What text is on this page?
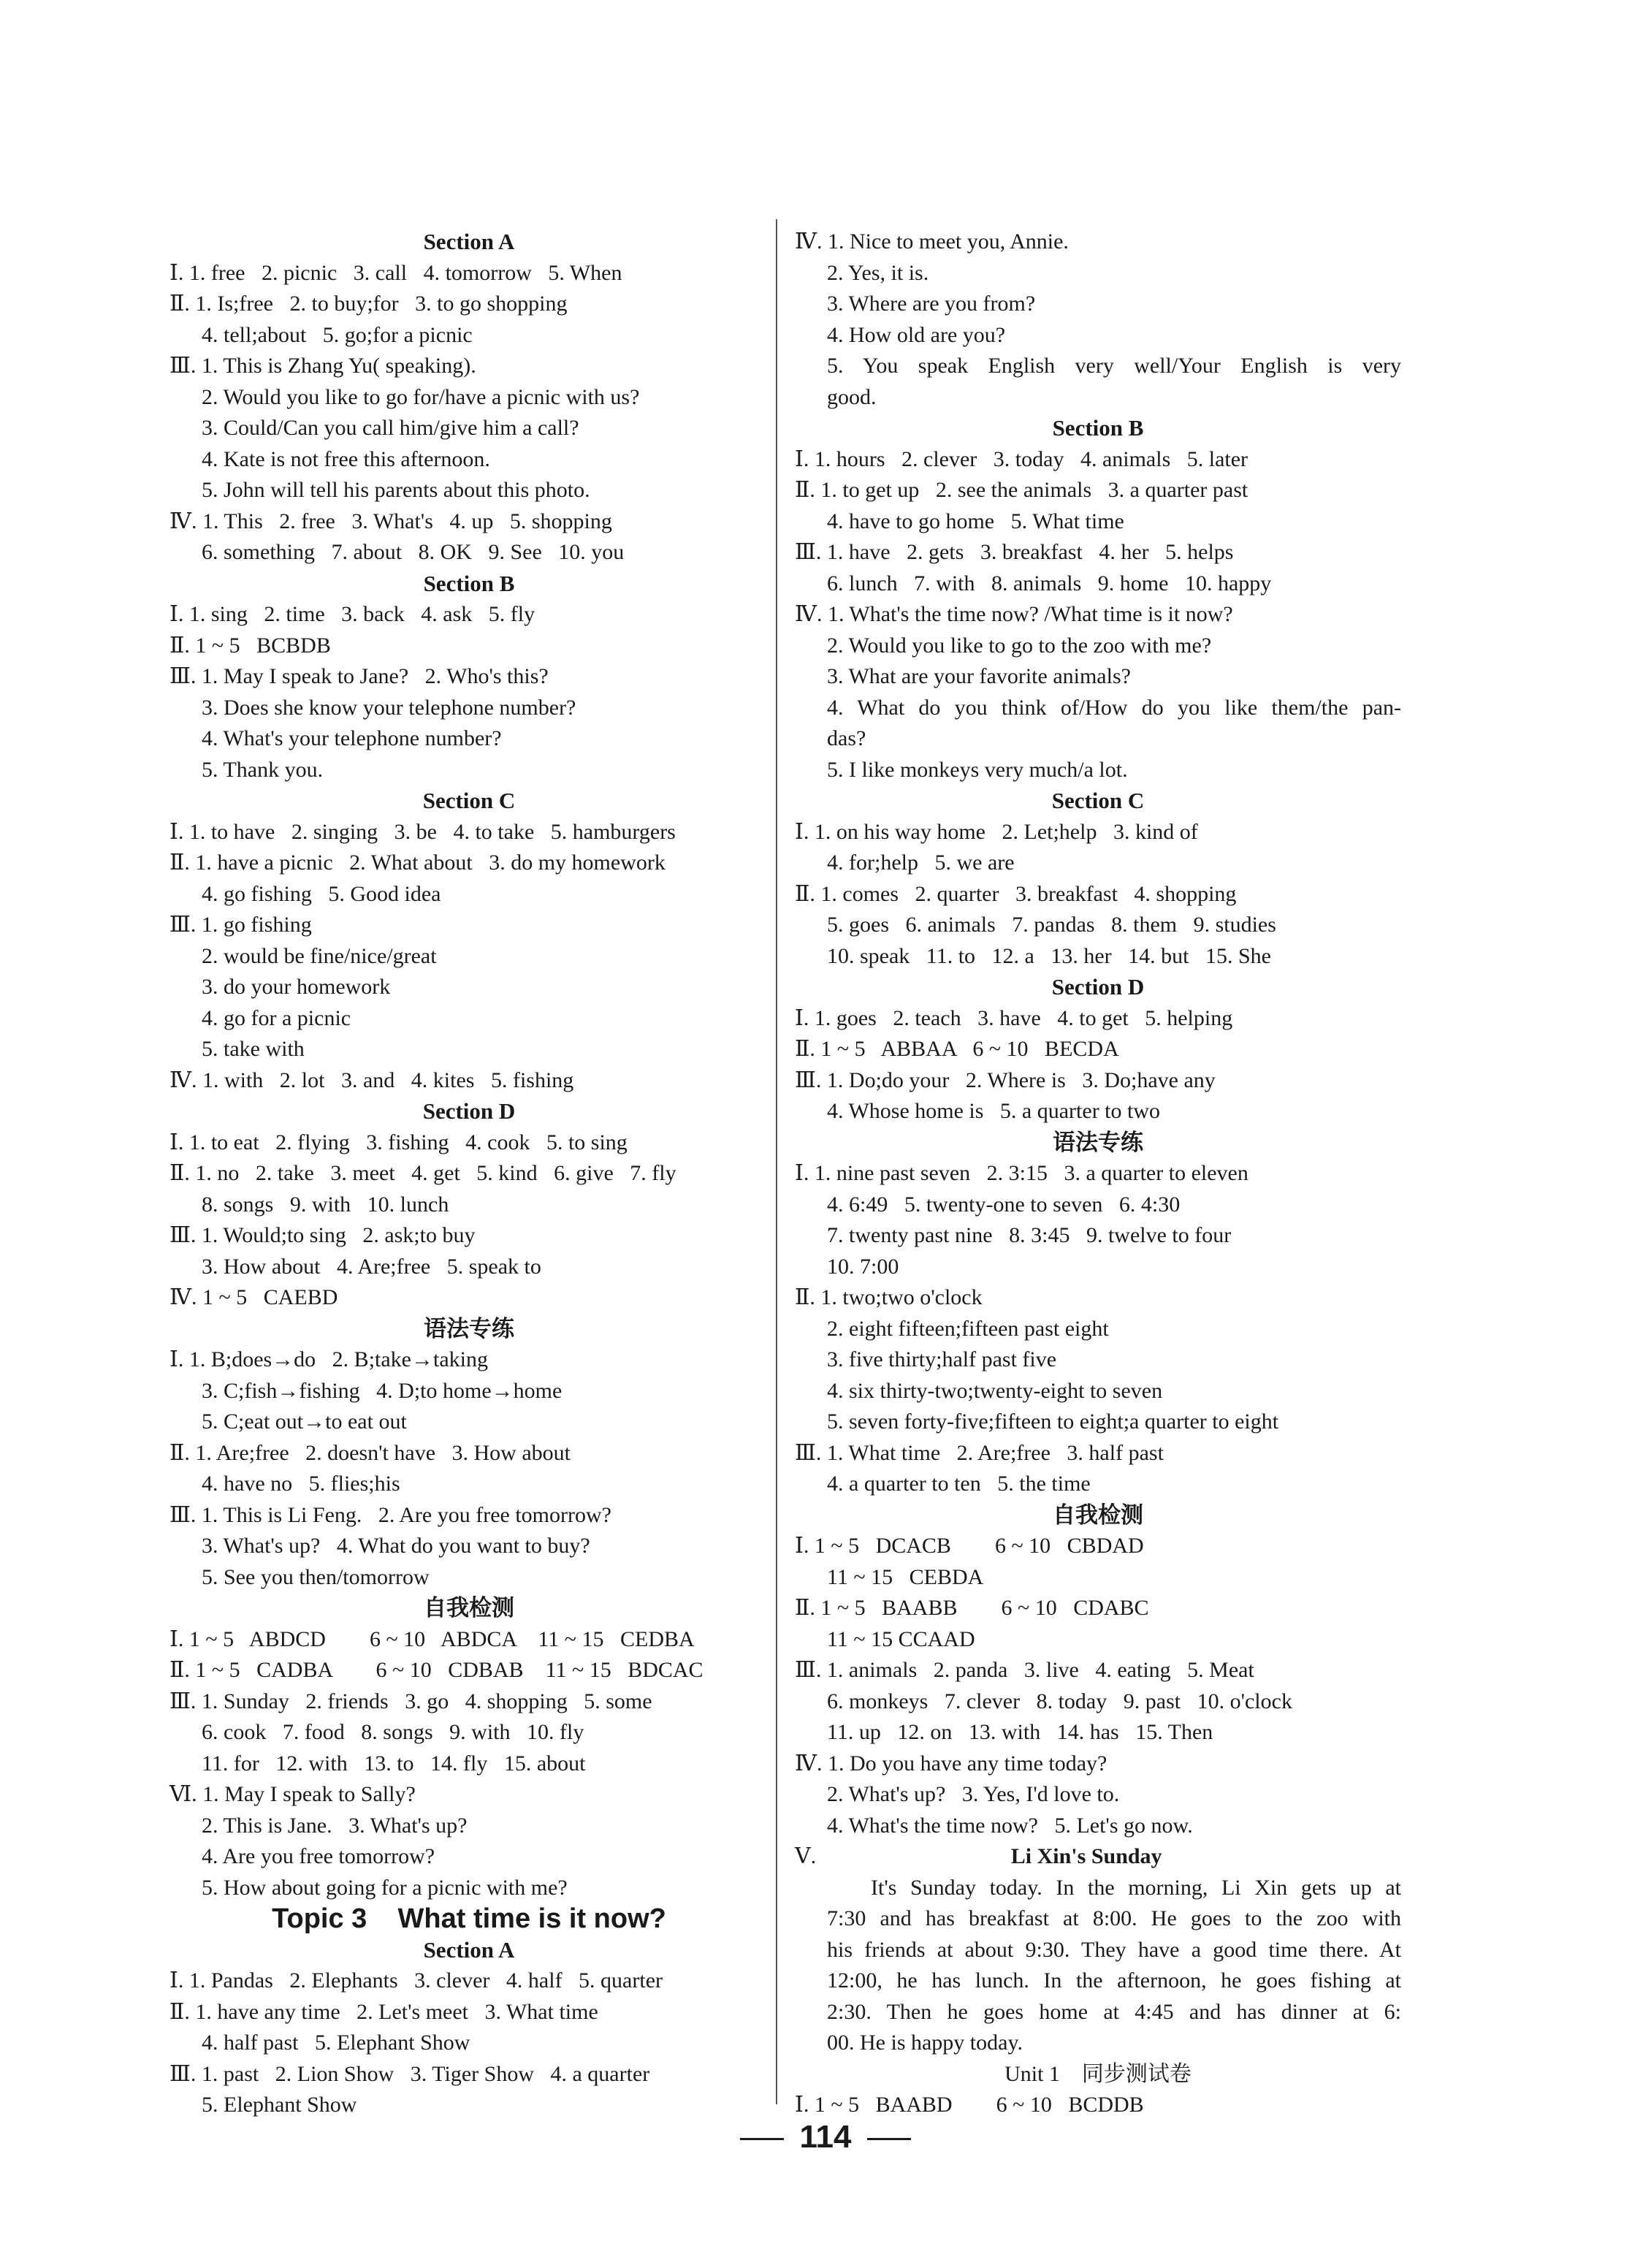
Section A
Ⅰ. 1. free   2. picnic   3. call   4. tomorrow   5. When
Ⅱ. 1. Is;free   2. to buy;for   3. to go shopping
4. tell;about   5. go;for a picnic
Ⅲ. 1. This is Zhang Yu( speaking).
2. Would you like to go for/have a picnic with us?
3. Could/Can you call him/give him a call?
4. Kate is not free this afternoon.
5. John will tell his parents about this photo.
Ⅳ. 1. This   2. free   3. What's   4. up   5. shopping
6. something   7. about   8. OK   9. See   10. you
Section B
Ⅰ. 1. sing   2. time   3. back   4. ask   5. fly
Ⅱ. 1 ~ 5   BCBDB
Ⅲ. 1. May I speak to Jane?   2. Who's this?
3. Does she know your telephone number?
4. What's your telephone number?
5. Thank you.
Section C
Ⅰ. 1. to have   2. singing   3. be   4. to take   5. hamburgers
Ⅱ. 1. have a picnic   2. What about   3. do my homework
4. go fishing   5. Good idea
Ⅲ. 1. go fishing
2. would be fine/nice/great
3. do your homework
4. go for a picnic
5. take with
Ⅳ. 1. with   2. lot   3. and   4. kites   5. fishing
Section D
Ⅰ. 1. to eat   2. flying   3. fishing   4. cook   5. to sing
Ⅱ. 1. no   2. take   3. meet   4. get   5. kind   6. give   7. fly
8. songs   9. with   10. lunch
Ⅲ. 1. Would;to sing   2. ask;to buy
3. How about   4. Are;free   5. speak to
Ⅳ. 1 ~ 5   CAEBD
语法专练
Ⅰ. 1. B;does→do   2. B;take→taking
3. C;fish→fishing   4. D;to home→home
5. C;eat out→to eat out
Ⅱ. 1. Are;free   2. doesn't have   3. How about
4. have no   5. flies;his
Ⅲ. 1. This is Li Feng.   2. Are you free tomorrow?
3. What's up?   4. What do you want to buy?
5. See you then/tomorrow
自我检测
Ⅰ. 1 ~ 5   ABDCD        6 ~ 10   ABDCA    11 ~ 15   CEDBA
Ⅱ. 1 ~ 5   CADBA        6 ~ 10   CDBAB    11 ~ 15   BDCAC
Ⅲ. 1. Sunday   2. friends   3. go   4. shopping   5. some
6. cook   7. food   8. songs   9. with   10. fly
11. for   12. with   13. to   14. fly   15. about
Ⅵ. 1. May I speak to Sally?
2. This is Jane.   3. What's up?
4. Are you free tomorrow?
5. How about going for a picnic with me?
Topic 3    What time is it now?
Section A
Ⅰ. 1. Pandas   2. Elephants   3. clever   4. half   5. quarter
Ⅱ. 1. have any time   2. Let's meet   3. What time
4. half past   5. Elephant Show
Ⅲ. 1. past   2. Lion Show   3. Tiger Show   4. a quarter
5. Elephant Show
Ⅳ. 1. Nice to meet you, Annie.
2. Yes, it is.
3. Where are you from?
4. How old are you?
5. You speak English very well/Your English is very
good.
Section B
Ⅰ. 1. hours   2. clever   3. today   4. animals   5. later
Ⅱ. 1. to get up   2. see the animals   3. a quarter past
4. have to go home   5. What time
Ⅲ. 1. have   2. gets   3. breakfast   4. her   5. helps
6. lunch   7. with   8. animals   9. home   10. happy
Ⅳ. 1. What's the time now? /What time is it now?
2. Would you like to go to the zoo with me?
3. What are your favorite animals?
4. What do you think of/How do you like them/the pan-
das?
5. I like monkeys very much/a lot.
Section C
Ⅰ. 1. on his way home   2. Let;help   3. kind of
4. for;help   5. we are
Ⅱ. 1. comes   2. quarter   3. breakfast   4. shopping
5. goes   6. animals   7. pandas   8. them   9. studies
10. speak   11. to   12. a   13. her   14. but   15. She
Section D
Ⅰ. 1. goes   2. teach   3. have   4. to get   5. helping
Ⅱ. 1 ~ 5   ABBAA   6 ~ 10   BECDA
Ⅲ. 1. Do;do your   2. Where is   3. Do;have any
4. Whose home is   5. a quarter to two
语法专练
Ⅰ. 1. nine past seven   2. 3:15   3. a quarter to eleven
4. 6:49   5. twenty-one to seven   6. 4:30
7. twenty past nine   8. 3:45   9. twelve to four
10. 7:00
Ⅱ. 1. two;two o'clock
2. eight fifteen;fifteen past eight
3. five thirty;half past five
4. six thirty-two;twenty-eight to seven
5. seven forty-five;fifteen to eight;a quarter to eight
Ⅲ. 1. What time   2. Are;free   3. half past
4. a quarter to ten   5. the time
自我检测
Ⅰ. 1 ~ 5   DCACB        6 ~ 10   CBDAD
11 ~ 15   CEBDA
Ⅱ. 1 ~ 5   BAABB        6 ~ 10   CDABC
11 ~ 15 CCAAD
Ⅲ. 1. animals   2. panda   3. live   4. eating   5. Meat
6. monkeys   7. clever   8. today   9. past   10. o'clock
11. up   12. on   13. with   14. has   15. Then
Ⅳ. 1. Do you have any time today?
2. What's up?   3. Yes, I'd love to.
4. What's the time now?   5. Let's go now.
Ⅴ.	Li Xin's Sunday
It's Sunday today. In the morning, Li Xin gets up at
7:30 and has breakfast at 8:00. He goes to the zoo with
his friends at about 9:30. They have a good time there. At
12:00, he has lunch. In the afternoon, he goes fishing at
2:30. Then he goes home at 4:45 and has dinner at 6:
00. He is happy today.
Unit 1    同步测试卷
Ⅰ. 1 ~ 5   BAABD        6 ~ 10   BCDDB
114
